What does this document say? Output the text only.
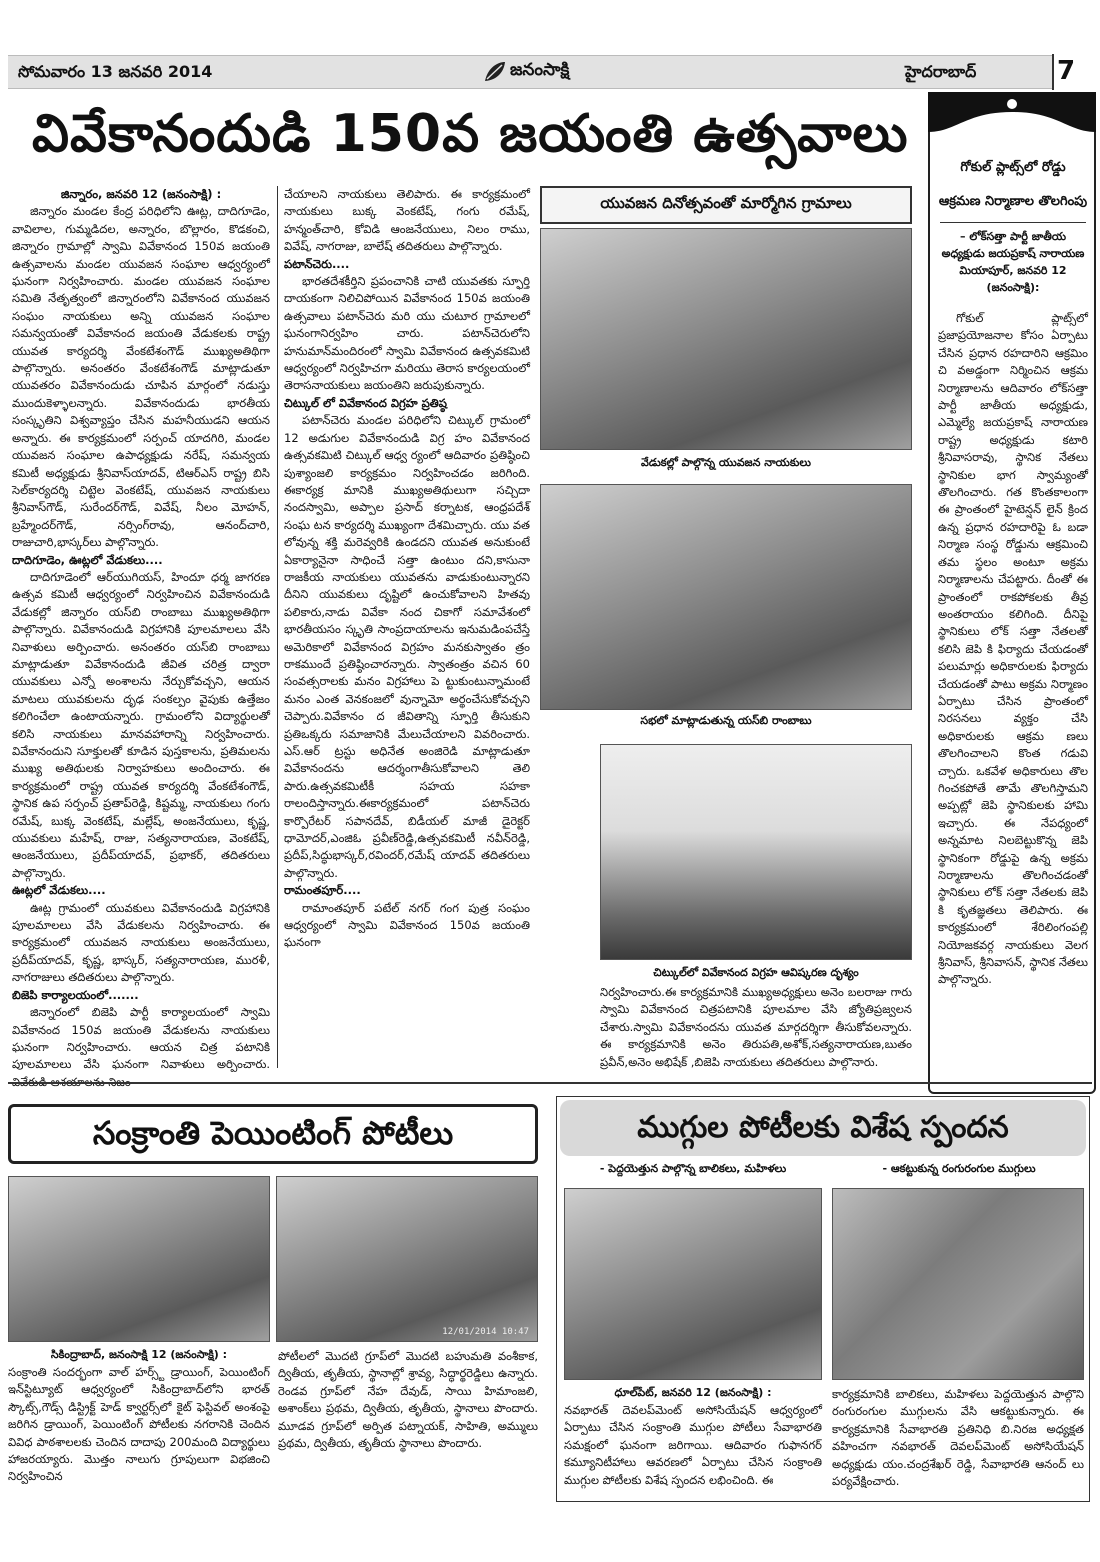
సోమవారం 13 జనవరి 2014	జనంసాక్షి	హైదరాబాద్	7
వివేకానందుడి 150వ జయంతి ఉత్సవాలు
గోకుల్ ప్లాట్స్‌లో రోడ్డు
ఆక్రమణ నిర్మాణాల తొలగింపు
– లోక్‌సత్తా పార్టీ జాతీయ అధ్యక్షుడు జయప్రకాష్ నారాయణ మియాపూర్, జనవరి 12 (జనంసాక్షి):

గోకుల్ ప్లాట్స్‌లో ప్రజాప్రయోజనాల కోసం ఏర్పాటు చేసిన ప్రధాన రహదారిని ఆక్రమిం చి వఅడ్డంగా నిర్మించిన ఆక్రమ నిర్మాణాలను ఆదివారం లోక్‌సత్తా పార్టీ జాతీయ అధ్యక్షుడు, ఎమ్మెల్యే జయప్రకాష్ నారాయణ రాష్ట్ర అధ్యక్షుడు కటారి శ్రీనివాసరావు, స్థానిక నేతలు స్థానికుల భాగ స్వామ్యంతో తొలగించారు. గత కొంతకాలంగా ఈ ప్రాంతంలో హైటెన్షన్ లైన్ క్రింద ఉన్న ప్రధాన రహదారిపై ఓ బడా నిర్మాణ సంస్థ రోడ్డును ఆక్రమించి తమ స్థలం అంటూ అక్రమ నిర్మాణాలను చేపట్టారు. దీంతో ఈ ప్రాంతంలో రాకపోకలకు తీవ్ర అంతరాయం కలిగింది. దీనిపై స్థానికులు లోక్ సత్తా నేతలతో కలిసి జెపి కి ఫిర్యాదు చేయడంతో పలుమార్లు అధికారులకు ఫిర్యాదు చేయడంతో పాటు అక్రమ నిర్మాణం ఏర్పాటు చేసిన ప్రాంతంలో నిరసనలు వ్యక్తం చేసి అధికారులకు ఆక్రమ ణలు తొలగించాలని కొంత గడువి చ్చారు. ఒకవేళ అధికారులు తొల గించకపోతే తామే తొలగిస్తామని అప్పట్లో జెపి స్థానికులకు హామి ఇచ్చారు. ఈ నేపధ్యంలో అన్నమాట నిలబెట్టుకొన్న జెపి స్థానికంగా రోడ్డుపై ఉన్న అక్రమ నిర్మాణాలను తొలగించడంతో స్థానికులు లోక్ సత్తా నేతలకు జెపి కి కృతజ్ఞతలు తెలిపారు. ఈ కార్యక్రమంలో శేరిలింగంపల్లి నియోజకవర్గ నాయకులు వెలగ శ్రీనివాస్, శ్రీనివాసన్, స్థానిక నేతలు పాల్గొన్నారు.

జిన్నారం, జనవరి 12 (జనంసాక్షి) :

జిన్నారం మండల కేంద్ర పరిధిలోని ఊట్ల, దాదిగూడెం, వావిలాల, గుమ్మడిదల, అన్నారం, బొల్లారం, కొడకంచి, జిన్నారం గ్రామాల్లో స్వామి వివేకానంద 150వ జయంతి ఉత్సవాలను మండల యువజన సంఘాల ఆధ్వర్యంలో ఘనంగా నిర్వహించారు. మండల యువజన సంఘాల సమితి నేతృత్వంలో జిన్నారంలోని వివేకానంద యువజన సంఘం నాయకులు అన్ని యువజన సంఘాల సమన్వయంతో వివేకానంద జయంతి వేడుకలకు రాష్ట్ర యువత కార్యదర్శి వేంకటేశంగౌడ్ ముఖ్యఅతిథిగా పాల్గొన్నారు. అనంతరం వేంకటేశంగౌడ్ మాట్లాడుతూ యువతరం వివేకానందుడు చూపిన మార్గంలో నడుస్తు ముందుకెళ్ళాలన్నారు. వివేకానందుడు భారతీయ సంస్కృతిని విశ్వవ్యాప్తం చేసిన మహనీయుడని ఆయన అన్నారు. ఈ కార్యక్రమంలో సర్పంచ్ యాదగిరి, మండల యువజన సంఘాల ఉపాధ్యక్షుడు నరేష్, సమన్వయ కమిటీ అధ్యక్షుడు శ్రీనివాస్‌యాదవ్, టిఆర్ఎస్ రాష్ట్ర బిసి సెల్‌కార్యదర్శి చిట్టెల వెంకటేష్, యువజన నాయకులు శ్రీనివాస్‌గౌడ్, సురేందర్‌గౌడ్, వివేష్, నీలం మోహన్, బ్రహ్మేందర్‌గౌడ్, నర్సింగ్‌రావు, ఆనంద్‌చారి, రాజుచారి,భాస్కర్‌లు పాల్గొన్నారు.

దాదిగూడెం, ఊట్లలో వేడుకలు....

దాదిగూడెంలో ఆర్‌యుగియస్, హిందూ ధర్మ జాగరణ ఉత్సవ కమిటీ ఆధ్వర్యంలో నిర్వహించిన వివేకానందుడి వేడుకల్లో జిన్నారం యస్‌బి రాంబాబు ముఖ్యఅతిథిగా పాల్గొన్నారు. వివేకానందుడి విగ్రహానికి పూలమాలలు వేసి నివాళులు అర్పించారు. అనంతరం యస్‌బి రాంబాబు మాట్లాడుతూ వివేకానందుడి జీవిత చరిత్ర ద్వారా యువకులు ఎన్నో అంశాలను నేర్చుకోవచ్చని, ఆయన మాటలు యువకులను దృఢ సంకల్పం వైపుకు ఉత్తేజం కలిగించేలా ఉంటాయన్నారు. గ్రామంలోని విద్యార్థులతో కలిసి నాయకులు మానవహారాన్ని నిర్వహించారు. వివేకానందుని సూక్తులతో కూడిన పుస్తకాలను, ప్రతిమలను ముఖ్య అతిథులకు నిర్వాహకులు అందించారు. ఈ కార్యక్రమంలో రాష్ట్ర యువత కార్యదర్శి వేంకటేశంగౌడ్, స్థానిక ఉప సర్పంచ్ ప్రతాప్‌రెడ్డి, కిష్టమ్మ, నాయకులు గంగు రమేష్, బుక్క వెంకటేష్, మల్లేష్, అంజనేయులు, కృష్ణ, యువకులు మహేష్, రాజు, సత్యనారాయణ, వెంకటేష్, ఆంజనేయులు, ప్రదీప్‌యాదవ్, ప్రభాకర్, తదితరులు పాల్గొన్నారు.

ఊట్లలో వేడుకలు....

ఊట్ల గ్రామంలో యువకులు వివేకానందుడి విగ్రహానికి పూలమాలలు వేసి వేడుకలను నిర్వహించారు. ఈ కార్యక్రమంలో యువజన నాయకులు అంజనేయులు, ప్రదీప్‌యాదవ్, కృష్ణ, భాస్కర్, సత్యనారాయణ, మురళీ, నాగరాజులు తదితరులు పాల్గొన్నారు.

బిజెపి కార్యాలయంలో.......

జిన్నారంలో బిజెపి పార్టీ కార్యాలయంలో స్వామి వివేకానంద 150వ జయంతి వేడుకలను నాయకులు ఘనంగా నిర్వహించారు. ఆయన చిత్ర పటానికి పూలమాలలు వేసి ఘనంగా నివాళులు అర్పించారు.

చేయాలని నాయకులు తెలిపారు. ఈ కార్యక్రమంలో నాయకులు బుక్క వెంకటేష్, గంగు రమేష్, హన్మంత్‌చారి, కోవిడి ఆంజనేయులు, నిలం రాము, వివేష్, నాగరాజు, బాలేష్ తదితరులు పాల్గొన్నారు.

పటాన్‌చెరు....

భారతదేశకీర్తిని ప్రపంచానికి చాటి యువతకు స్ఫూర్తి దాయకంగా నిలిచిపోయిన వివేకానంద 150వ జయంతి ఉత్సవాలు పటాన్‌చెరు మరి యు చుటూర గ్రామాలలో ఘనంగానిర్వహిం చారు. పటాన్‌చెరులోని హనుమాన్‌మందిరంలో స్వామి వివేకానంద ఉత్సవకమిటి ఆధ్వర్యంలో నిర్వహిచగా మరియు తెరాస కార్యలయంలో తెరాసనాయకులు జయంతిని జరుపుకున్నారు.

చిట్కుల్ లో వివేకానంద విగ్రహ ప్రతిష్ఠ

పటాన్‌చెరు మండల పరిధిలోని చిట్కుల్ గ్రామంలో 12 అడుగుల వివేకానందుడి విగ్ర హం వివేకానంద ఉత్సవకమిటి చిట్కుల్ ఆధ్వ ర్యంలో ఆదివారం ప్రతిష్ఠించి పుశ్యాంజలి కార్యక్రమం నిర్వహించడం జరిగింది. ఈకార్యక్ర మానికి ముఖ్యఅతిథులుగా సచ్చిదా నందస్వామి, అప్పాల ప్రసాద్ కర్నాటక, ఆంధ్రపదేశ్ సంఘ టన కార్యదర్శి ముఖ్యంగా దేశమిచ్చారు. యు వత లోవున్న శక్తి మరెవ్వరికి ఉండదని యువత అనుకుంటే ఏకార్యానైనా సాధించే సత్తా ఉంటుం దని,కాసునా రాజకీయ నాయకులు యువతను వాడుకుంటున్నారని దీనిని యువకులు దృష్టిలో ఉంచుకోవాలని హితవు పలికారు,నాడు వివేకా నంద చికాగో సమావేశంలో భారతీయసం స్కృతి సాంప్రదాయాలను ఇనుమడింపచేస్తే అమెరికాలో వివేకానంద విగ్రహం మనకుస్వాతం త్రం రాకముందే ప్రతిష్ఠించారన్నారు. స్వాతంత్రం వచిన 60 సంవత్సరాలకు మనం విగ్రహాలు పె ట్టుకుంటున్నామంటే మనం ఎంత వెనకంజలో వున్నామో అర్థంచేసుకోవచ్చని చెప్పారు.వివేకానం ద జీవితాన్ని స్ఫూర్తి తీసుకుని ప్రతిఒక్కరు సమాజానికి మేలుచేయాలని వివరించారు. ఎస్.ఆర్ ట్రస్టు అధినేత అంజిరెడి మాట్లాడుతూ వివేకానందను ఆదర్శంగాతీసుకోవాలని తెలి పారు.ఉత్సవకమిటీకీ సహయ సహకా రాలందిస్తాన్నారు.ఈకార్యక్రమంలో పటాన్‌చెరు కార్పొరేటర్ సపానదేవ్, బిడీయల్ మాజీ డైరెక్టర్ ధామోదర్,ఎంజిఓ ప్రవీణ్‌రెడ్డి,ఉత్సవకమిటీ నవీన్‌రెడ్డి, ప్రదీప్,సిద్ధుభాస్కర్,రవిందర్,రమేష్ యాదవ్ తదితరులు పాల్గొన్నారు.

రామంతపూర్....

రామాంతపూర్ పటేల్ నగర్ గంగ పుత్ర సంఘం ఆధ్వర్యంలో స్వామి వివేకానంద 150వ జయంతి ఘనంగా

యువజన దినోత్సవంతో మార్మోగిన గ్రామాలు
వేడుకల్లో పాల్గొన్న యువజన నాయకులు
సభలో మాట్లాడుతున్న యస్‌బి రాంబాబు
చిట్కుల్‌లో వివేకానంద విగ్రహ ఆవిష్కరణ దృశ్యం

నిర్వహించారు.ఈ కార్యక్రమానికి ముఖ్యఅధ్యక్షులు అనెం బలరాజు గారు స్వామి వివేకానంద చిత్రపటానికి పూలమాల వేసి జ్యోతిప్రజ్వలన చేశారు.స్వామి వివేకానందను యువత మార్గదర్శిగా తీసుకోవలన్నారు. ఈ కార్యక్రమానికి అనెం తిరుపతి,అశోక్,సత్యనారాయణ,బుతం ప్రవీన్,అనెం అభిషేక్ ,బిజెపి నాయకులు తదితరులు పాల్గొనారు.

సంక్రాంతి పెయింటింగ్ పోటీలు
12/01/2014 10:47
సికింద్రాబాద్, జనంసాక్షి 12 (జనంసాక్షి) :

సంక్రాంతి సందర్భంగా వాల్ హర్స్ట్ డ్రాయింగ్, పెయింటింగ్ ఇన్‌స్టిట్యూట్ ఆధ్వర్యంలో సికింద్రాబాద్‌లోని భారత్ స్కౌట్స్,గౌడ్స్ డిస్ట్రిక్ట్ హెడ్ క్వార్టర్స్‌లో కైట్ ఫెస్టివల్ అంశంపై జరిగిన డ్రాయింగ్, పెయింటింగ్ పోటీలకు నగరానికి చెందిన వివిధ పాఠశాలలకు చెందిన దాదాపు 200మంది విద్యార్థులు హాజరయ్యారు. మొత్తం నాలుగు గ్రూపులుగా విభజించి నిర్వహించిన

పోటీలలో మొదటి గ్రూప్‌లో మొదటి బహుమతి వంశీకాక, ద్వితీయ, తృతీయ, స్థానాల్లో శ్రావ్య, సిద్ధార్థరెడ్డిలు ఉన్నారు. రెండవ గ్రూప్‌లో నేహ దేవుడ్, సాయి హిమాంజలి, అశాంక్‌లు ప్రథమ, ద్వితీయ, తృతీయ, స్థానాలు పొందారు. మూడవ గ్రూప్‌లో అర్పిత పట్నాయక్, సాహితి, అమ్ములు ప్రథమ, ద్వితీయ, తృతీయ స్థానాలు పొందారు.

ముగ్గుల పోటీలకు విశేష స్పందన
- పెద్దయెత్తున పాల్గొన్న బాలికలు, మహిళలు	- ఆకట్టుకున్న రంగురంగుల ముగ్గులు
ధూల్‌పేట్, జనవరి 12 (జనంసాక్షి) :

నవభారత్ దెవలప్‌మెంట్ అసోసియేషన్ ఆధ్వర్యంలో ఏర్పాటు చేసిన సంక్రాంతి ముగ్గుల పోటీలు సేవాభారతి సమక్షంలో ఘనంగా జరిగాయి. ఆదివారం గుఫానగర్ కమ్యూనిటీహాలు ఆవరణలో ఏర్పాటు చేసిన సంక్రాంతి ముగ్గుల పోటీలకు విశేష స్పందన లభించింది. ఈ

కార్యక్రమానికి బాలికలు, మహిళలు పెద్దయెత్తున పాల్గొని రంగురంగుల ముగ్గులను వేసి ఆకట్టుకున్నారు. ఈ కార్యక్రమానికి సేవాభారతి ప్రతినిధి బి.నిరజ అధ్యక్షత వహించగా నవభారత్ దెవలప్‌మెంట్ అసోసియేషన్ అధ్యక్షుడు యం.చంద్రశేఖర్ రెడ్డి, సేవాభారతి ఆనంద్ లు పర్యవేక్షించారు.
